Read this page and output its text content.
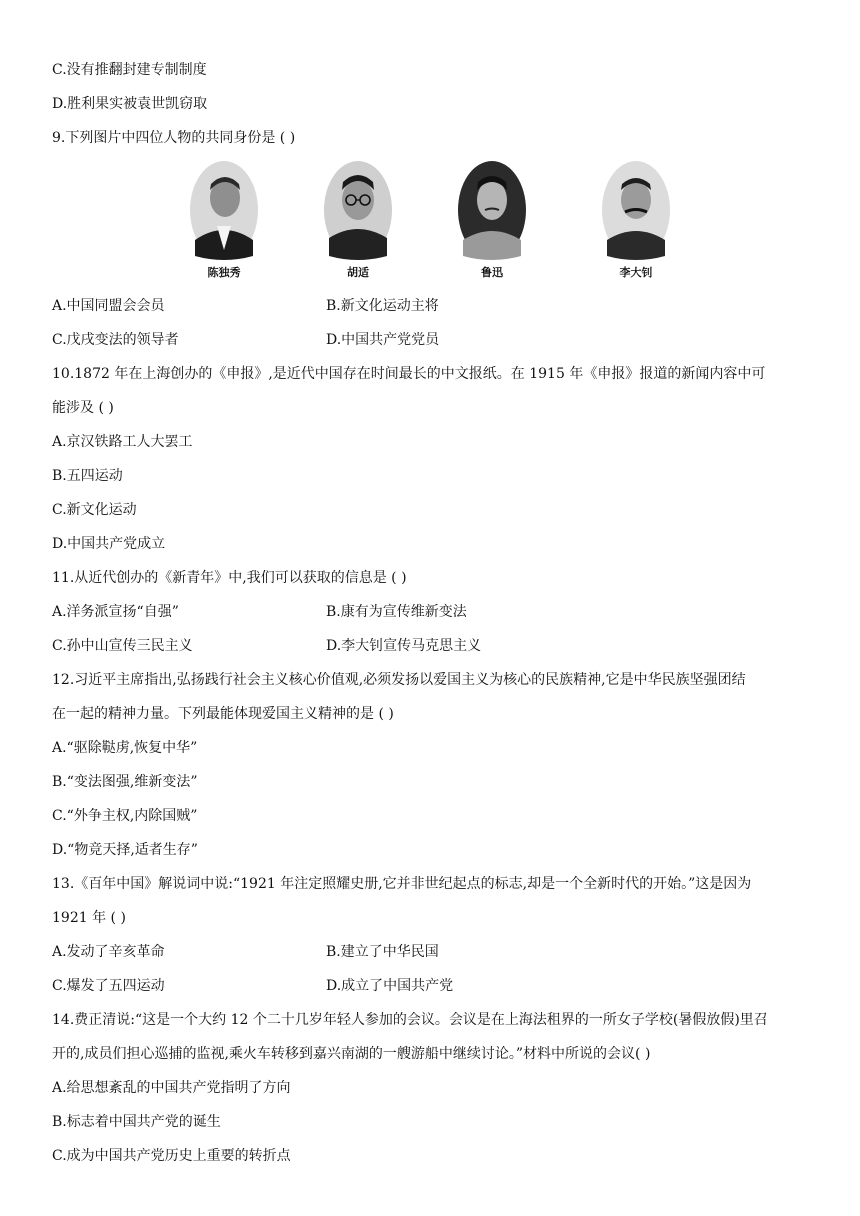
C.没有推翻封建专制制度
D.胜利果实被袁世凯窃取
9.下列图片中四位人物的共同身份是 ( )
陈独秀	胡适	鲁迅	李大钊
A.中国同盟会会员	B.新文化运动主将
C.戊戌变法的领导者	D.中国共产党党员
10.1872 年在上海创办的《申报》,是近代中国存在时间最长的中文报纸。在 1915 年《申报》报道的新闻内容中可
能涉及 ( )
A.京汉铁路工人大罢工
B.五四运动
C.新文化运动
D.中国共产党成立
11.从近代创办的《新青年》中,我们可以获取的信息是 ( )
A.洋务派宣扬“自强”	B.康有为宣传维新变法
C.孙中山宣传三民主义	D.李大钊宣传马克思主义
12.习近平主席指出,弘扬践行社会主义核心价值观,必须发扬以爱国主义为核心的民族精神,它是中华民族坚强团结
在一起的精神力量。下列最能体现爱国主义精神的是 ( )
A.“驱除鞑虏,恢复中华”
B.“变法图强,维新变法”
C.“外争主权,内除国贼”
D.“物竞天择,适者生存”
13.《百年中国》解说词中说:“1921 年注定照耀史册,它并非世纪起点的标志,却是一个全新时代的开始。”这是因为
1921 年 ( )
A.发动了辛亥革命	B.建立了中华民国
C.爆发了五四运动	D.成立了中国共产党
14.费正清说:“这是一个大约 12 个二十几岁年轻人参加的会议。会议是在上海法租界的一所女子学校(暑假放假)里召
开的,成员们担心巡捕的监视,乘火车转移到嘉兴南湖的一艘游船中继续讨论。”材料中所说的会议( )
A.给思想紊乱的中国共产党指明了方向
B.标志着中国共产党的诞生
C.成为中国共产党历史上重要的转折点
